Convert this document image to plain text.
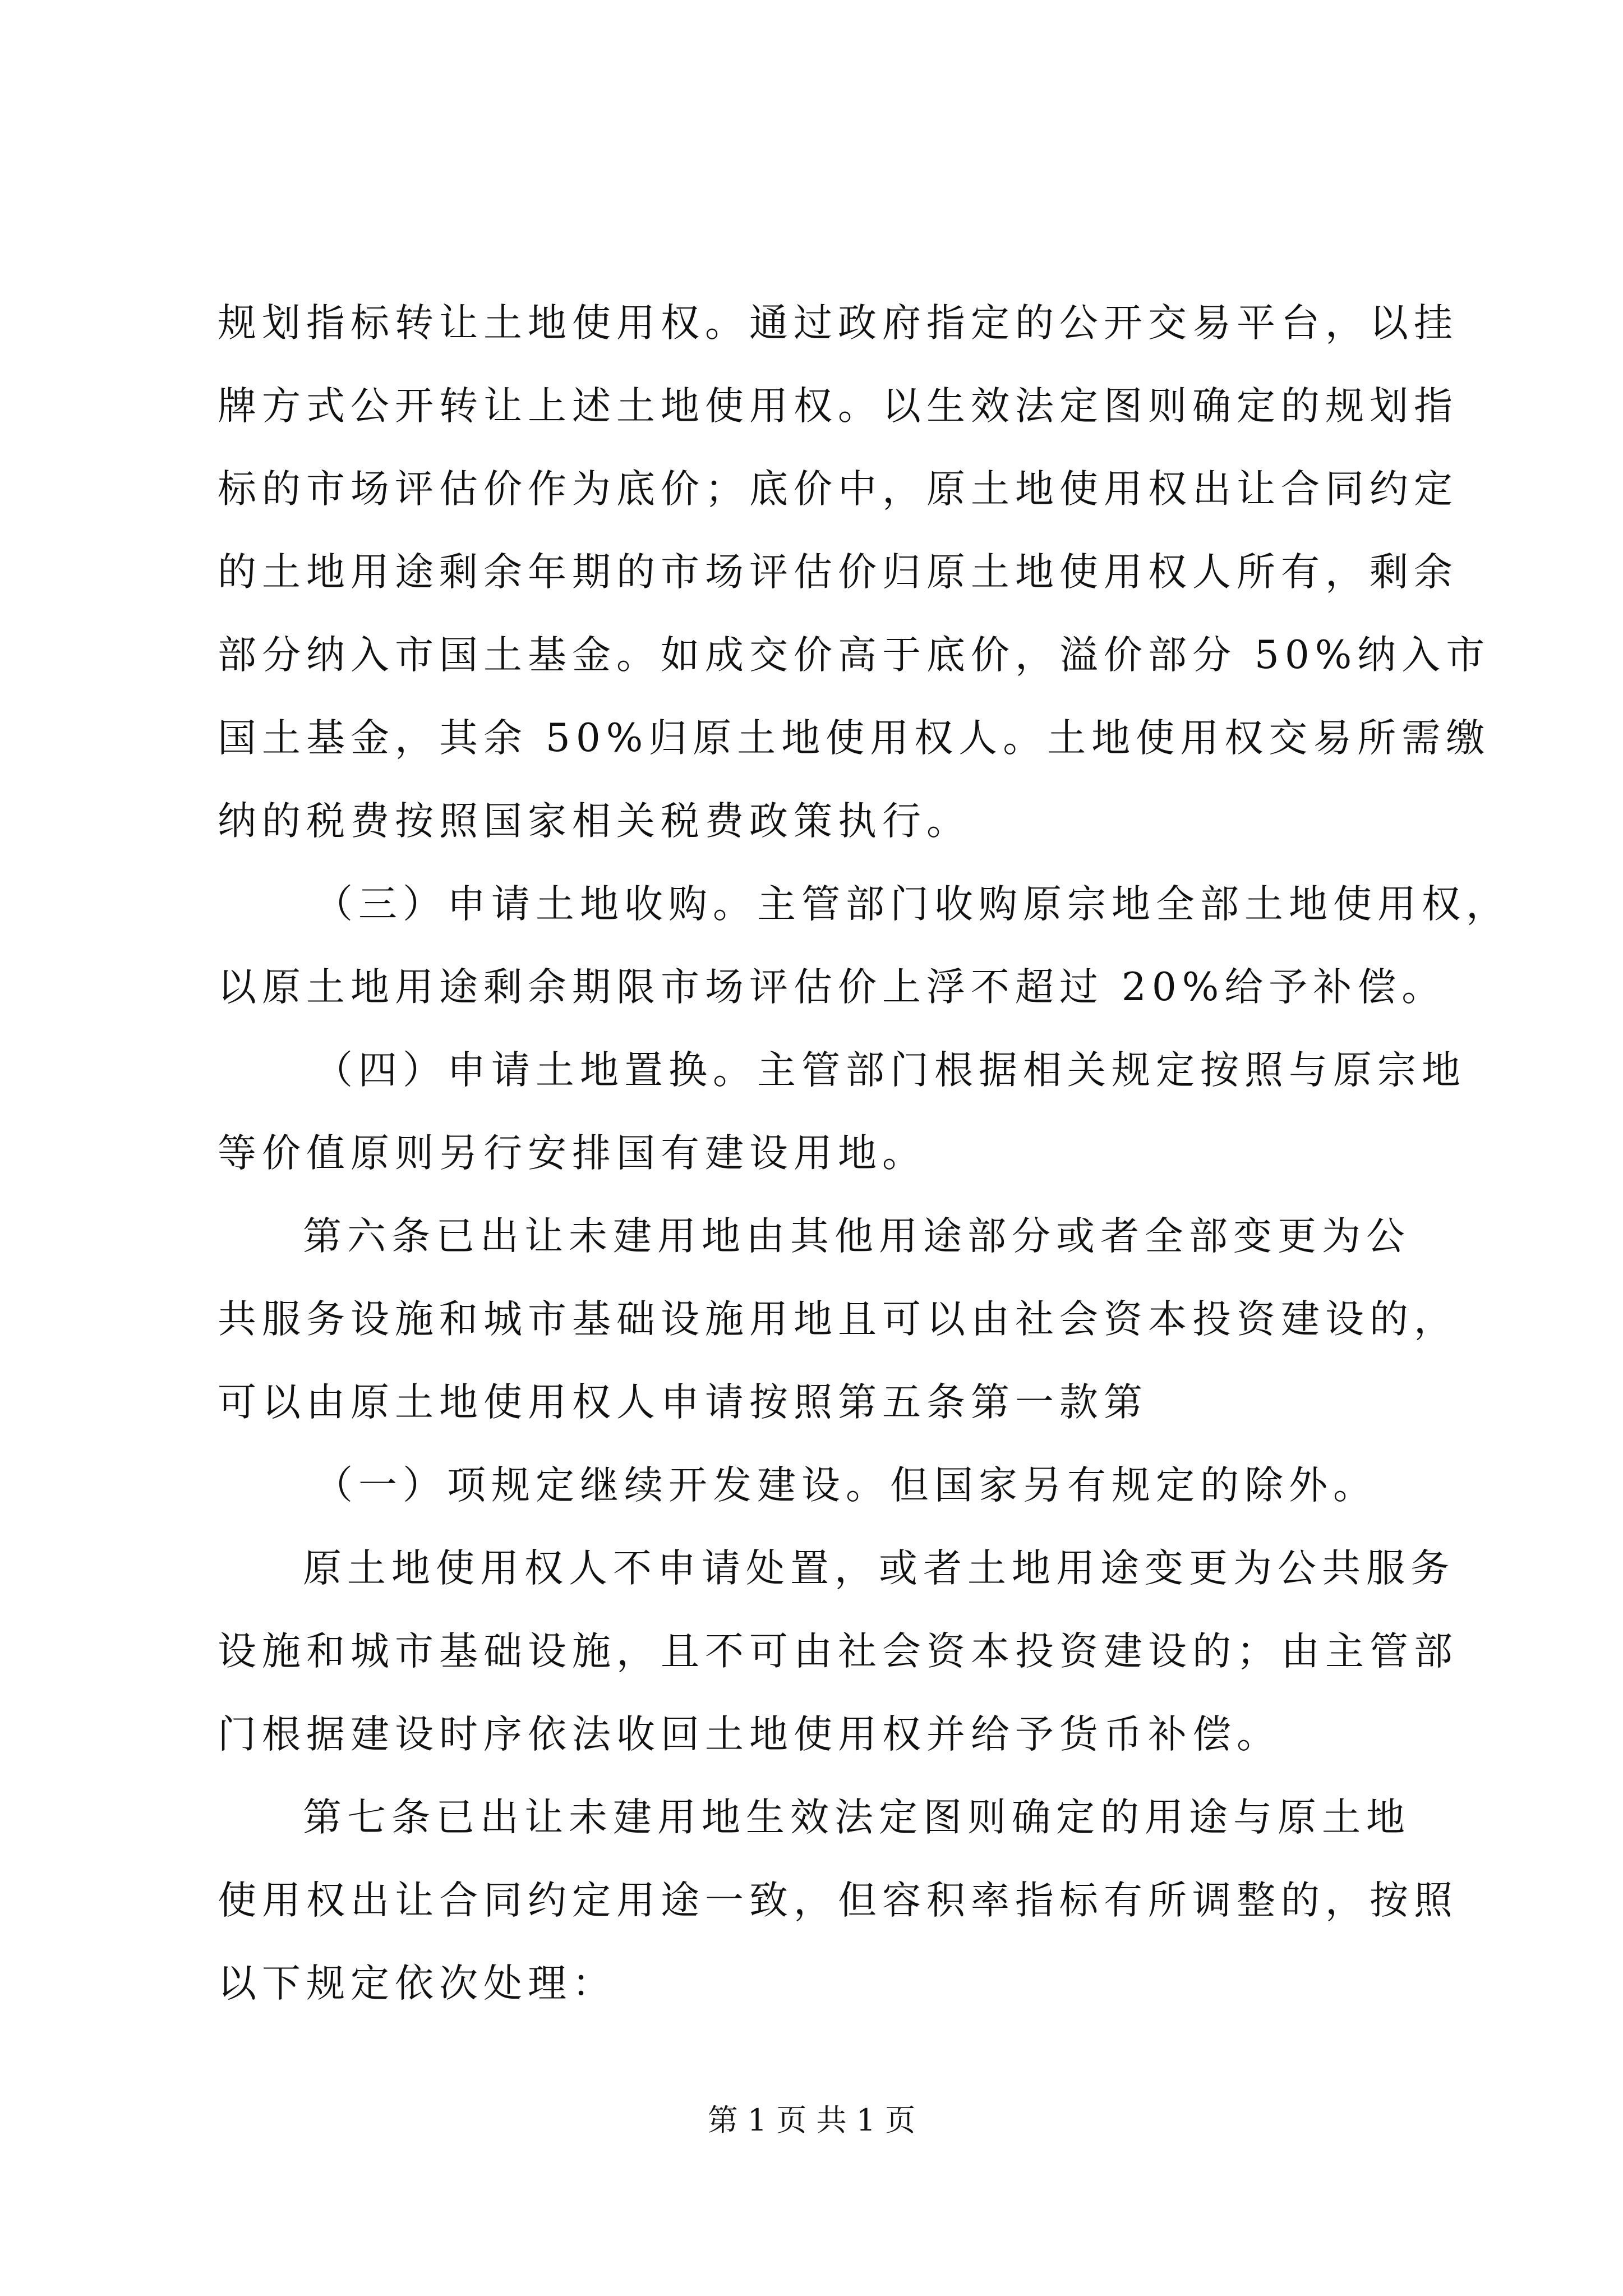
规划指标转让土地使用权。通过政府指定的公开交易平台，以挂
牌方式公开转让上述土地使用权。以生效法定图则确定的规划指
标的市场评估价作为底价；底价中，原土地使用权出让合同约定
的土地用途剩余年期的市场评估价归原土地使用权人所有，剩余
部分纳入市国土基金。如成交价高于底价，溢价部分 50%纳入市
国土基金，其余 50%归原土地使用权人。土地使用权交易所需缴
纳的税费按照国家相关税费政策执行。
（三）申请土地收购。主管部门收购原宗地全部土地使用权，
以原土地用途剩余期限市场评估价上浮不超过 20%给予补偿。
（四）申请土地置换。主管部门根据相关规定按照与原宗地
等价值原则另行安排国有建设用地。
第六条已出让未建用地由其他用途部分或者全部变更为公
共服务设施和城市基础设施用地且可以由社会资本投资建设的，
可以由原土地使用权人申请按照第五条第一款第
（一）项规定继续开发建设。但国家另有规定的除外。
原土地使用权人不申请处置，或者土地用途变更为公共服务
设施和城市基础设施，且不可由社会资本投资建设的；由主管部
门根据建设时序依法收回土地使用权并给予货币补偿。
第七条已出让未建用地生效法定图则确定的用途与原土地
使用权出让合同约定用途一致，但容积率指标有所调整的，按照
以下规定依次处理：
第 1 页 共 1 页
